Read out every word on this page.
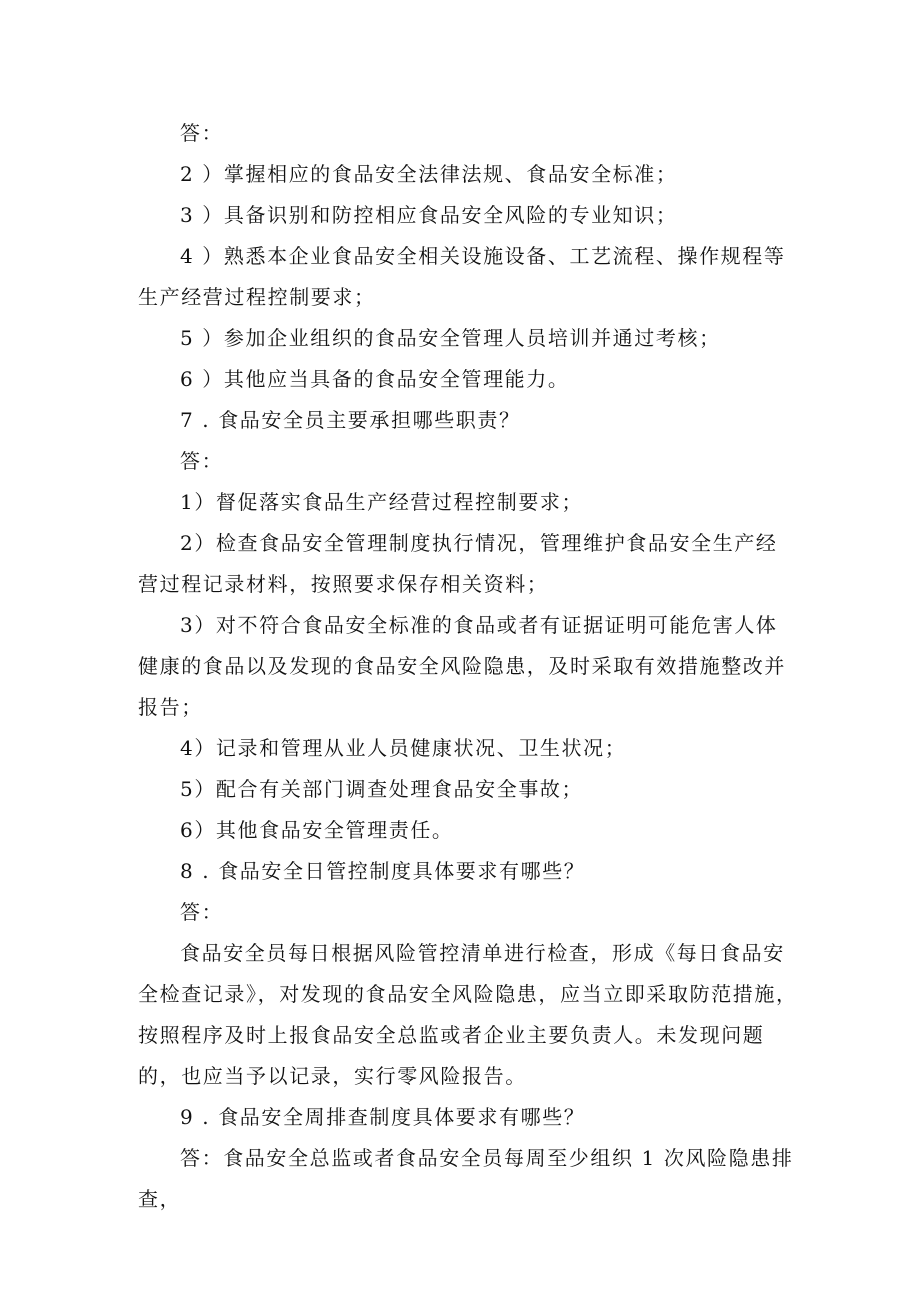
答：

2 ）掌握相应的食品安全法律法规、食品安全标准；

3 ）具备识别和防控相应食品安全风险的专业知识；

4 ）熟悉本企业食品安全相关设施设备、工艺流程、操作规程等生产经营过程控制要求；

5 ）参加企业组织的食品安全管理人员培训并通过考核；

6 ）其他应当具备的食品安全管理能力。

7 . 食品安全员主要承担哪些职责？

答：

1）督促落实食品生产经营过程控制要求；

2）检查食品安全管理制度执行情况，管理维护食品安全生产经营过程记录材料，按照要求保存相关资料；

3）对不符合食品安全标准的食品或者有证据证明可能危害人体健康的食品以及发现的食品安全风险隐患，及时采取有效措施整改并报告；

4）记录和管理从业人员健康状况、卫生状况；

5）配合有关部门调查处理食品安全事故；

6）其他食品安全管理责任。

8 . 食品安全日管控制度具体要求有哪些？

答：

食品安全员每日根据风险管控清单进行检查，形成《每日食品安全检查记录》，对发现的食品安全风险隐患，应当立即采取防范措施，按照程序及时上报食品安全总监或者企业主要负责人。未发现问题的，也应当予以记录，实行零风险报告。

9 . 食品安全周排查制度具体要求有哪些？

答：食品安全总监或者食品安全员每周至少组织 1 次风险隐患排查，
